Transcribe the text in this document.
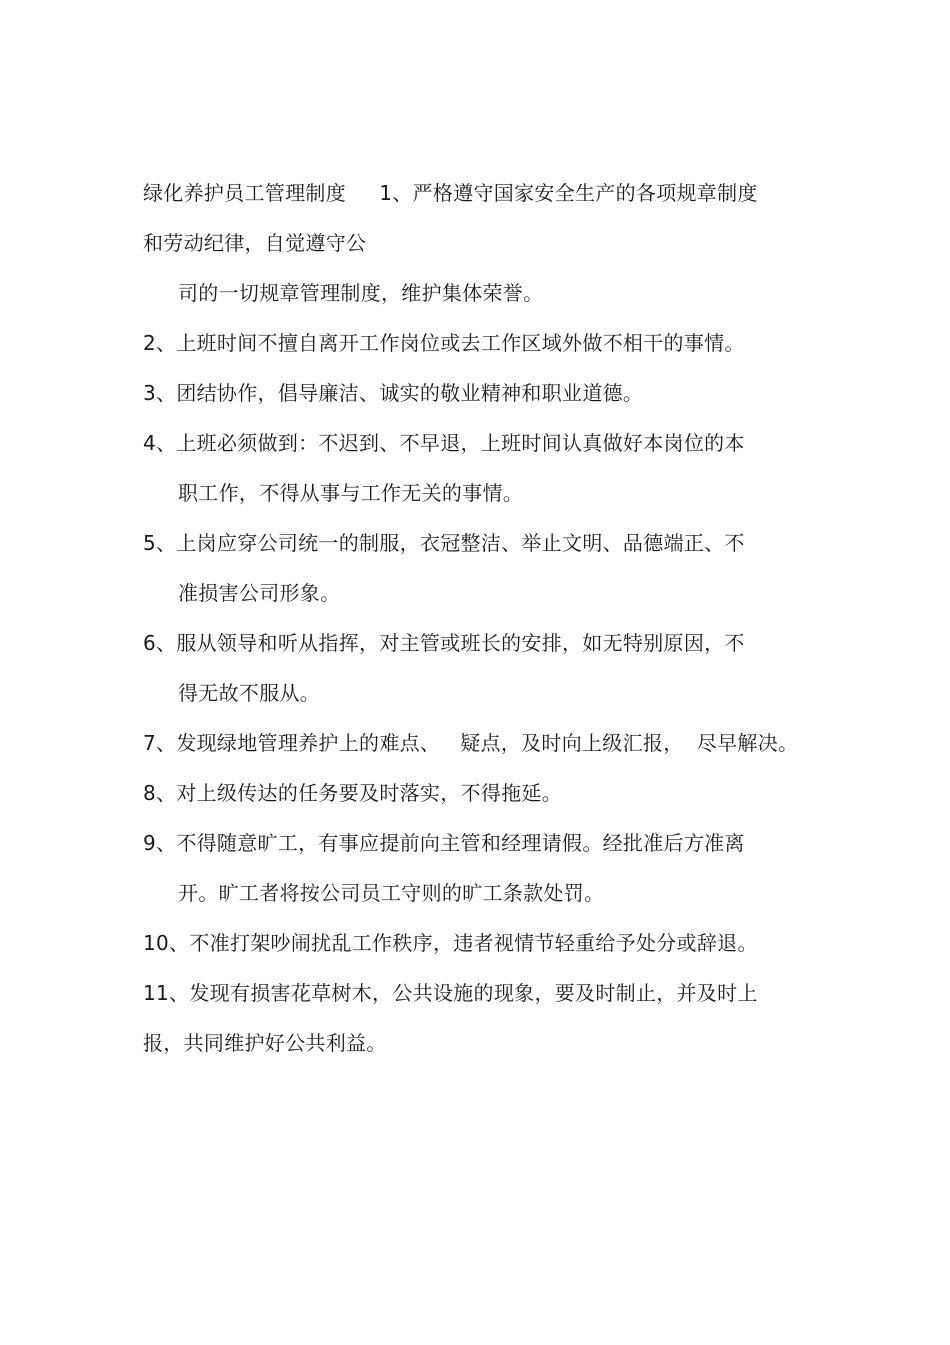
绿化养护员工管理制度     1、严格遵守国家安全生产的各项规章制度
和劳动纪律，自觉遵守公
司的一切规章管理制度，维护集体荣誉。
2、上班时间不擅自离开工作岗位或去工作区域外做不相干的事情。
3、团结协作，倡导廉洁、诚实的敬业精神和职业道德。
4、上班必须做到：不迟到、不早退，上班时间认真做好本岗位的本
职工作，不得从事与工作无关的事情。
5、上岗应穿公司统一的制服，衣冠整洁、举止文明、品德端正、不
准损害公司形象。
6、服从领导和听从指挥，对主管或班长的安排，如无特别原因，不
得无故不服从。
7、发现绿地管理养护上的难点、   疑点，及时向上级汇报，  尽早解决。
8、对上级传达的任务要及时落实，不得拖延。
9、不得随意旷工，有事应提前向主管和经理请假。经批准后方准离
开。旷工者将按公司员工守则的旷工条款处罚。
10、不准打架吵闹扰乱工作秩序，违者视情节轻重给予处分或辞退。
11、发现有损害花草树木，公共设施的现象，要及时制止，并及时上
报，共同维护好公共利益。
